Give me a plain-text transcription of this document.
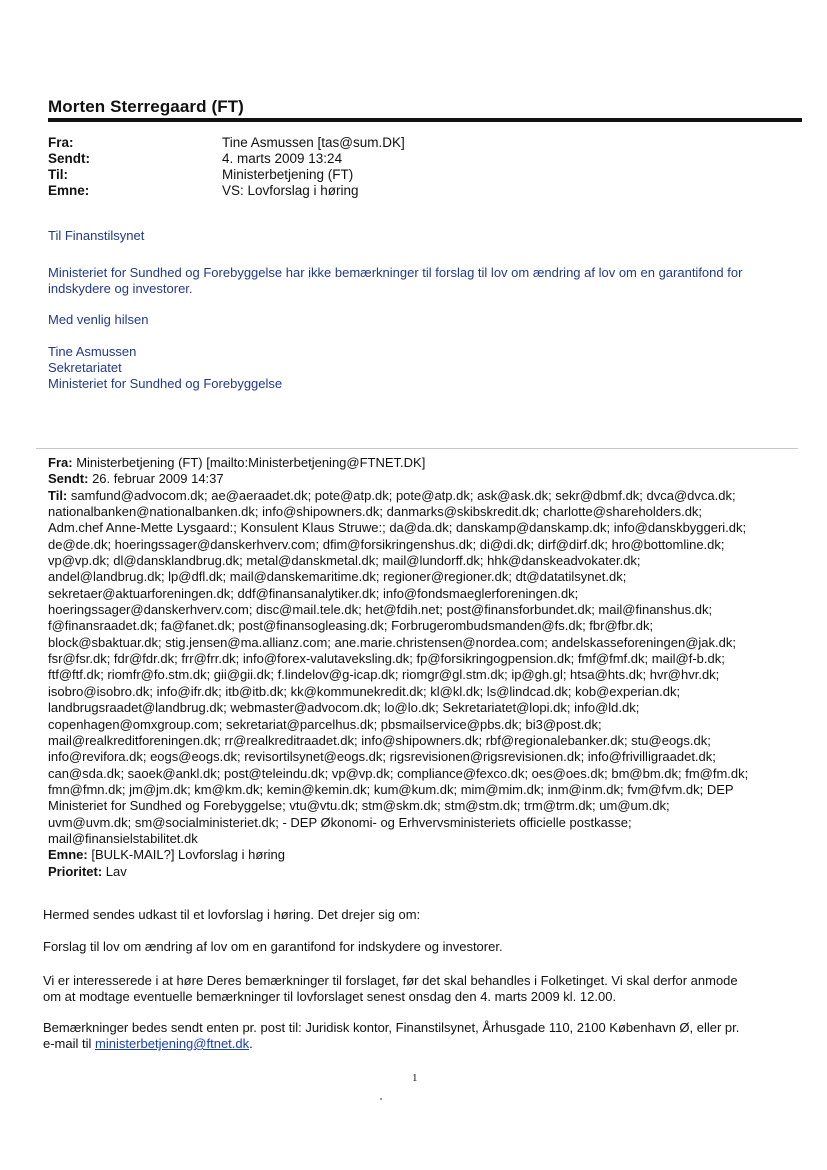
Morten Sterregaard (FT)
Fra:	Tine Asmussen [tas@sum.DK]
Sendt:	4. marts 2009 13:24
Til:	Ministerbetjening (FT)
Emne:	VS: Lovforslag i høring
Til Finanstilsynet
Ministeriet for Sundhed og Forebyggelse har ikke bemærkninger til forslag til lov om ændring af lov om en garantifond for
indskydere og investorer.
Med venlig hilsen
Tine Asmussen
Sekretariatet
Ministeriet for Sundhed og Forebyggelse
Fra: Ministerbetjening (FT) [mailto:Ministerbetjening@FTNET.DK]
Sendt: 26. februar 2009 14:37
Til: samfund@advocom.dk; ae@aeraadet.dk; pote@atp.dk; pote@atp.dk; ask@ask.dk; sekr@dbmf.dk; dvca@dvca.dk;
nationalbanken@nationalbanken.dk; info@shipowners.dk; danmarks@skibskredit.dk; charlotte@shareholders.dk;
Adm.chef Anne-Mette Lysgaard:; Konsulent Klaus Struwe:; da@da.dk; danskamp@danskamp.dk; info@danskbyggeri.dk;
de@de.dk; hoeringssager@danskerhverv.com; dfim@forsikringenshus.dk; di@di.dk; dirf@dirf.dk; hro@bottomline.dk;
vp@vp.dk; dl@dansklandbrug.dk; metal@danskmetal.dk; mail@lundorff.dk; hhk@danskeadvokater.dk;
andel@landbrug.dk; lp@dfl.dk; mail@danskemaritime.dk; regioner@regioner.dk; dt@datatilsynet.dk;
sekretaer@aktuarforeningen.dk; ddf@finansanalytiker.dk; info@fondsmaeglerforeningen.dk;
hoeringssager@danskerhverv.com; disc@mail.tele.dk; het@fdih.net; post@finansforbundet.dk; mail@finanshus.dk;
f@finansraadet.dk; fa@fanet.dk; post@finansogleasing.dk; Forbrugerombudsmanden@fs.dk; fbr@fbr.dk;
block@sbaktuar.dk; stig.jensen@ma.allianz.com; ane.marie.christensen@nordea.com; andelskasseforeningen@jak.dk;
fsr@fsr.dk; fdr@fdr.dk; frr@frr.dk; info@forex-valutaveksling.dk; fp@forsikringogpension.dk; fmf@fmf.dk; mail@f-b.dk;
ftf@ftf.dk; riomfr@fo.stm.dk; gii@gii.dk; f.lindelov@g-icap.dk; riomgr@gl.stm.dk; ip@gh.gl; htsa@hts.dk; hvr@hvr.dk;
isobro@isobro.dk; info@ifr.dk; itb@itb.dk; kk@kommunekredit.dk; kl@kl.dk; ls@lindcad.dk; kob@experian.dk;
landbrugsraadet@landbrug.dk; webmaster@advocom.dk; lo@lo.dk; Sekretariatet@lopi.dk; info@ld.dk;
copenhagen@omxgroup.com; sekretariat@parcelhus.dk; pbsmailservice@pbs.dk; bi3@post.dk;
mail@realkreditforeningen.dk; rr@realkreditraadet.dk; info@shipowners.dk; rbf@regionalebanker.dk; stu@eogs.dk;
info@revifora.dk; eogs@eogs.dk; revisortilsynet@eogs.dk; rigsrevisionen@rigsrevisionen.dk; info@frivilligraadet.dk;
can@sda.dk; saoek@ankl.dk; post@teleindu.dk; vp@vp.dk; compliance@fexco.dk; oes@oes.dk; bm@bm.dk; fm@fm.dk;
fmn@fmn.dk; jm@jm.dk; km@km.dk; kemin@kemin.dk; kum@kum.dk; mim@mim.dk; inm@inm.dk; fvm@fvm.dk; DEP
Ministeriet for Sundhed og Forebyggelse; vtu@vtu.dk; stm@skm.dk; stm@stm.dk; trm@trm.dk; um@um.dk;
uvm@uvm.dk; sm@socialministeriet.dk; - DEP Økonomi- og Erhvervsministeriets officielle postkasse;
mail@finansielstabilitet.dk
Emne: [BULK-MAIL?] Lovforslag i høring
Prioritet: Lav
Hermed sendes udkast til et lovforslag i høring. Det drejer sig om:
Forslag til lov om ændring af lov om en garantifond for indskydere og investorer.
Vi er interesserede i at høre Deres bemærkninger til forslaget, før det skal behandles i Folketinget. Vi skal derfor anmode
om at modtage eventuelle bemærkninger til lovforslaget senest onsdag den 4. marts 2009 kl. 12.00.
Bemærkninger bedes sendt enten pr. post til: Juridisk kontor, Finanstilsynet, Århusgade 110, 2100 København Ø, eller pr.
e-mail til ministerbetjening@ftnet.dk.
1
